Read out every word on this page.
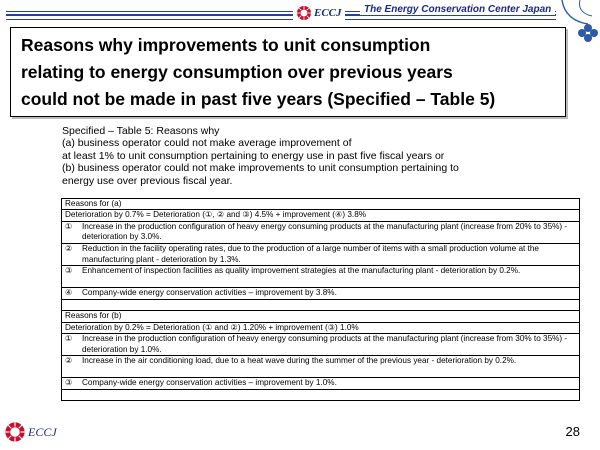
ECCJ	The Energy Conservation Center Japan
Reasons why improvements to unit consumption
relating to energy consumption over previous years
could not be made in past five years (Specified – Table 5)
Specified – Table 5: Reasons why
(a) business operator could not make average improvement of
at least 1% to unit consumption pertaining to energy use in past five fiscal years or
(b) business operator could not make improvements to unit consumption pertaining to
energy use over previous fiscal year.
Reasons for (a)
Deterioration by 0.7% = Deterioration (①, ② and ③) 4.5% + improvement (④) 3.8%
①	Increase in the production configuration of heavy energy consuming products at the manufacturing plant (increase from 20% to 35%) - deterioration by 3.0%.
②	Reduction in the facility operating rates, due to the production of a large number of items with a small production volume at the manufacturing plant - deterioration by 1.3%.
③	Enhancement of inspection facilities as quality improvement strategies at the manufacturing plant - deterioration by 0.2%.
④	Company-wide energy conservation activities – improvement by 3.8%.
Reasons for (b)
Deterioration by 0.2% = Deterioration (① and ②) 1.20% + improvement (③) 1.0%
①	Increase in the production configuration of heavy energy consuming products at the manufacturing plant (increase from 30% to 35%) - deterioration by 1.0%.
②	Increase in the air conditioning load, due to a heat wave during the summer of the previous year - deterioration by 0.2%.
③	Company-wide energy conservation activities – improvement by 1.0%.
ECCJ	28
